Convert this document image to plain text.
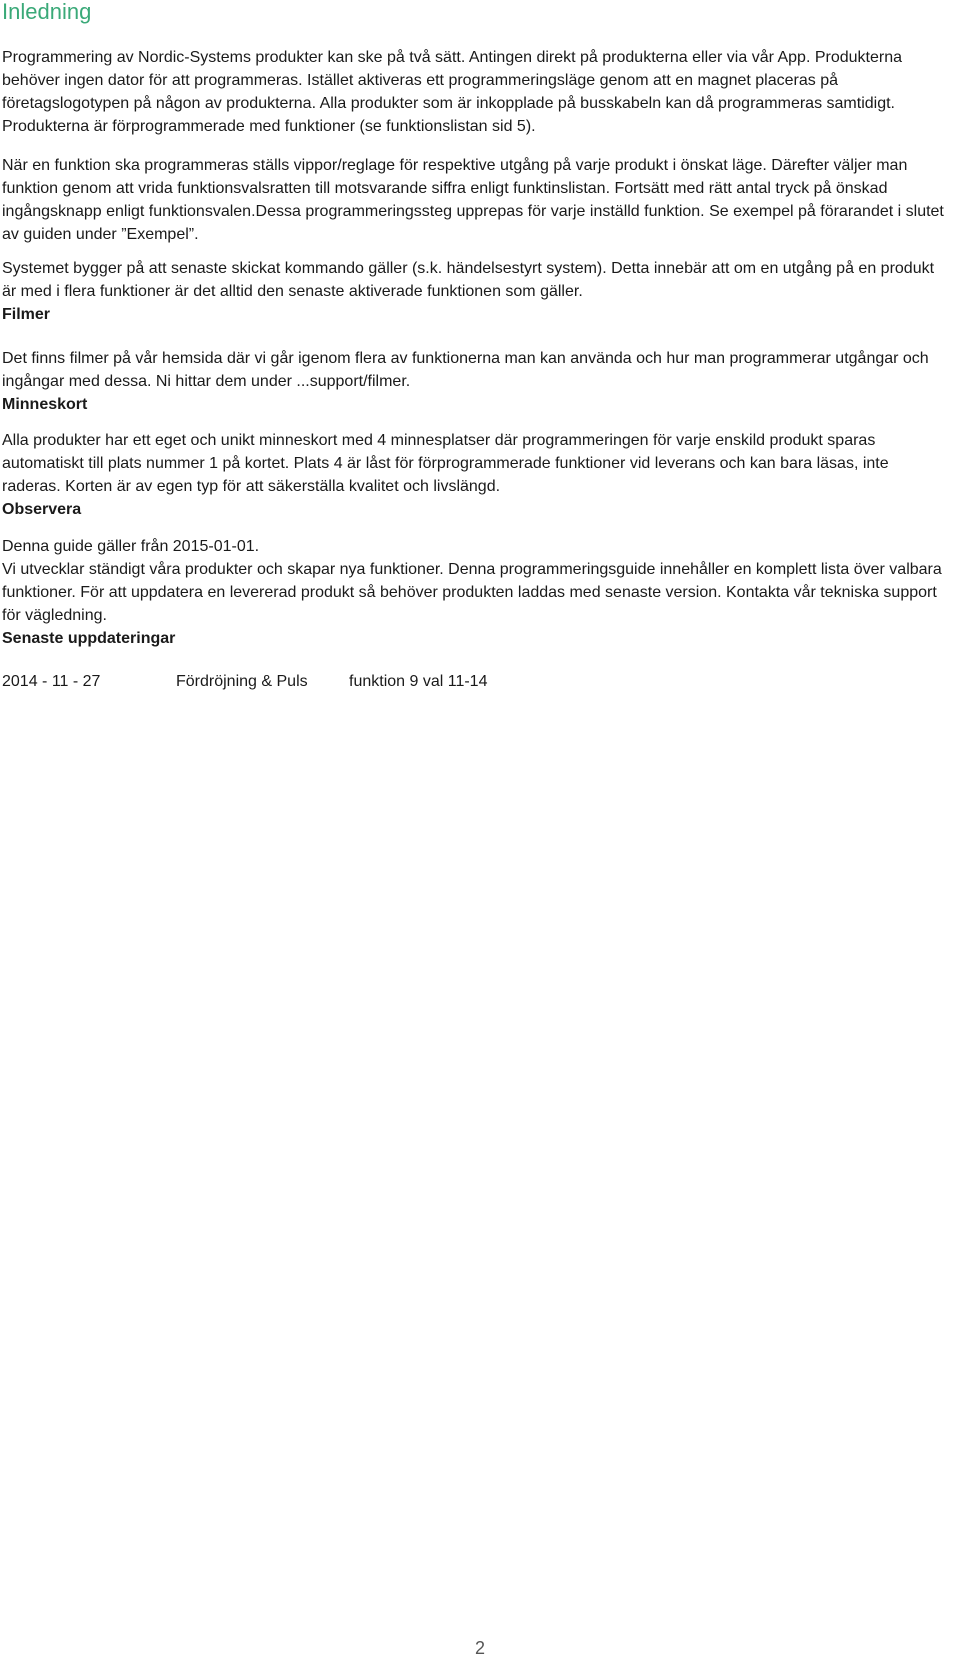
Inledning

Programmering av Nordic-Systems produkter kan ske på två sätt. Antingen direkt på produkterna eller via vår App. Produkterna behöver ingen dator för att programmeras. Istället aktiveras ett programmeringsläge genom att en magnet placeras på företagslogotypen på någon av produkterna. Alla produkter som är inkopplade på busskabeln kan då programmeras samtidigt. Produkterna är förprogrammerade med funktioner (se funktionslistan sid 5).

När en funktion ska programmeras ställs vippor/reglage för respektive utgång på varje produkt i önskat läge. Därefter väljer man funktion genom att vrida funktionsvalsratten till motsvarande siffra enligt funktinslistan. Fortsätt med rätt antal tryck på önskad ingångsknapp enligt funktionsvalen.Dessa programmeringssteg upprepas för varje inställd funktion. Se exempel på förarandet i slutet av guiden under ”Exempel”.

Systemet bygger på att senaste skickat kommando gäller (s.k. händelsestyrt system). Detta innebär att om en utgång på en produkt är med i flera funktioner är det alltid den senaste aktiverade funktionen som gäller.

Filmer

Det finns filmer på vår hemsida där vi går igenom flera av funktionerna man kan använda och hur man programmerar utgångar och ingångar med dessa. Ni hittar dem under ...support/filmer.

Minneskort

Alla produkter har ett eget och unikt minneskort med 4 minnesplatser där programmeringen för varje enskild produkt sparas automatiskt till plats nummer 1 på kortet. Plats 4 är låst för förprogrammerade funktioner vid leverans och kan bara läsas, inte raderas. Korten är av egen typ för att säkerställa kvalitet och livslängd.

Observera

Denna guide gäller från 2015-01-01.

Vi utvecklar ständigt våra produkter och skapar nya funktioner. Denna programmeringsguide innehåller en komplett lista över valbara funktioner. För att uppdatera en levererad produkt så behöver produkten laddas med senaste version. Kontakta vår tekniska support för vägledning.

Senaste uppdateringar
2014 - 11 - 27	Fördröjning & Puls	funktion 9 val 11-14
2
